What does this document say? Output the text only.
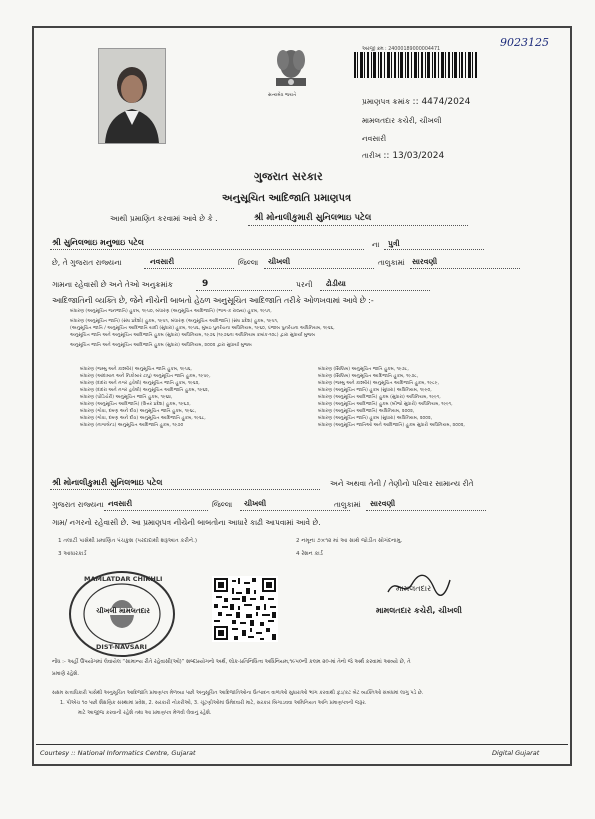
સત્યમેવ જયતે
અરજી ક્રમ : 24000189000004471
9023125
પ્રમાણપત્ર ક્રમાંક :: 4474/2024
મામલતદાર કચેરી, ચીખલી
નવસારી
તારીખ :: 13/03/2024
ગુજરાત સરકાર
અનુસૂચિત આદિજાતિ પ્રમાણપત્ર
આથી પ્રમાણિત કરવામાં આવે છે કે .	શ્રી મોનાલીકુમારી સુનિલભાઇ પટેલ
શ્રી સુનિલભાઇ મનુભાઇ પટેલ	ના પુત્રી
છે, તે ગુજરાત રાજ્યના	નવસારી	જિલ્લા ચીખલી	તાલુકામાં સારવણી
ગામના રહેવાસી છે અને તેઓ અનુક્રમાંક	9	પરની ઢોડીયા
આદિજાતિની વ્યક્તિ છે, જેને નીચેની બાબતો હેઠળ અનુસૂચિત આદિજાતિ તરીકે ઓળખવામાં આવે છે :-
બંધારણ (અનુસૂચિત જનજાતિ) હુકમ, ૧૯૫૦, બંધારણ (અનુસૂચિત આદિજાતિ) (ભાગ-ક રાજ્ય) હુકમ, ૧૯૫૧,
બંધારણ (અનુસૂચિત જાતિ) (સંઘ પ્રદેશો) હુકમ, ૧૯૫૧, બંધારણ (અનુસૂચિત આદિજાતિ) (સંઘ પ્રદેશ) હુકમ, ૧૯૫૧,
(અનુસૂચિત જાતિ / અનુસૂચિત આદિજાતિ યાદી (સુધારા) હુકમ, ૧૯૫૬, મુંબઇ પુનર્રચના અધિનિયમ, ૧૯૬૦, પંજાબ પુનર્રચના અધિનિયમ, ૧૯૬૬,
અનુસૂચિત જાતિ અને અનુસૂચિત આદિજાતિ હુકમ (સુધારા) અધિનિયમ, ૧૯૭૬ (૧૯૭૬ના અધિનિયમ ક્રમાંક-૧૦૮) દ્વારા સુધાર્યા મુજબ
અનુસૂચિત જાતિ અને અનુસૂચિત આદિજાતિ હુકમ (સુધારા) અધિનિયમ, ૨૦૦૨ દ્વારા સુધાર્યા મુજબ
બંધારણ (જમ્મુ અને કાશ્મીર) અનુસૂચિત જાતિ હુકમ, ૧૯૫૬,
બંધારણ (આંદામાન અને નિકોબાર ટાપુ) અનુસૂચિત જાતિ હુકમ, ૧૯૫૯,
બંધારણ (દાદરા અને નગર હવેલી) અનુસૂચિત જાતિ હુકમ, ૧૯૬૨,
બંધારણ (દાદરા અને નગર હવેલી) અનુસૂચિત આદિજાતિ હુકમ, ૧૯૬૨,
બંધારણ (પોંડિચેરી) અનુસૂચિત જાતિ હુકમ, ૧૯૬૪,
બંધારણ (અનુસૂચિત આદિજાતિ) (ઉત્તર પ્રદેશ) હુકમ, ૧૯૬૭,
બંધારણ (ગોવા, દમણ અને દીવ) અનુસૂચિત જાતિ હુકમ, ૧૯૬૮,
બંધારણ (ગોવા, દમણ અને દીવ) અનુસૂચિત આદિજાતિ હુકમ, ૧૯૬૮,
બંધારણ (નાગાલેન્ડ) અનુસૂચિત આદિજાતિ હુકમ, ૧૯૭૦
બંધારણ (સિક્કિમ) અનુસૂચિત જાતિ હુકમ, ૧૯૭૮,
બંધારણ (સિક્કિમ) અનુસૂચિત આદિજાતિ હુકમ, ૧૯૭૮,
બંધારણ (જમ્મુ અને કાશ્મીર) અનુસૂચિત આદિજાતિ હુકમ, ૧૯૮૯,
બંધારણ (અનુસૂચિત જાતિ) હુકમ (સુધારા) અધિનિયમ, ૧૯૯૦,
બંધારણ (અનુસૂચિત આદિજાતિ) હુકમ (સુધારા) અધિનિયમ, ૧૯૯૧,
બંધારણ (અનુસૂચિત આદિજાતિ) હુકમ (બીજો સુધારો) અધિનિયમ, ૧૯૯૧,
બંધારણ (અનુસૂચિત આદિજાતિ) અધિનિયમ, ૨૦૦૨,
બંધારણ (અનુસૂચિત જાતિ) હુકમ (સુધારા) અધિનિયમ, ૨૦૦૨,
બંધારણ (અનુસૂચિત જાતિઓ અને આદિજાતિ) હુકમ સુધારો અધિનિયમ, ૨૦૦૨,
શ્રી મોનાલીકુમારી સુનિલભાઇ પટેલ	અને અથવા તેની / તેણીનો પરિવાર સામાન્ય રીતે
ગુજરાત રાજ્યના નવસારી	જિલ્લા ચીખલી	તાલુકામાં સારવણી
ગામ/ નગરનો રહેવાસી છે. આ પ્રમાણપત્ર નીચેની બાબતોના આધારે કાઢી આપવામાં આવે છે.
1 તલાટી પાસેથી પ્રમાણિત પંચકુશ (પરદાદાથી શરૂઆત કરીને.)	2 નમૂના ૭×૧૨ માં આ સાથે જોડીત સોગંદનામુ.
3 આધારકાર્ડ	4 રેશન કાર્ડ
MAMLATDAR CHIKHLI
ચીખલી મામલતદાર
DIST-NAVSARI
મામલતદાર
મામલતદાર કચેરી, ચીખલી
નોંધ :- અહીં ઉપયોગમાં લેવાયેલ “સામાન્ય રીતે રહેવાસી(ઓ)” શબ્દપ્રયોગનો અર્થ, લોક-પ્રતિનિધિત્વ અધિનિયમ,૧૯૫૦ની કલમ ૨૦-માં તેનો જે અર્થ કરવામાં આવ્યો છે, તે
પ્રમાણે રહેશે.
સક્ષમ સત્તાધિકારી પાસેથી અનુસૂચિત આદિજાતિ પ્રમાણપત્ર મેળવ્યા પછી અનુસૂચિત આદિજાતિઓના ઉત્પાદન વાળાઓ સુધારાઓ ભાંગ કરવાથી ફંડ/કટ બેટ વ્યક્તિઓ સંબંધમાં લાગુ પડે છે.
1. પીએચ ૧૦ પછી શૈક્ષણિક સંસ્થામાં પ્રવેશ, 2. સરકારી નોકરીઓ, 3. ચૂંટણીઓમાં ઉમેદવારી માટે, સરકાર બિગાડવવા અમિનિયત અનિ પ્રમાણપત્રની જરૂર.
માટે આજીજ કરવાની રહેશે તથા આ પ્રમાણપત્ર મેળવી લેવાનું રહેશે.
Courtesy :: National Informatics Centre, Gujarat	Digital Gujarat
